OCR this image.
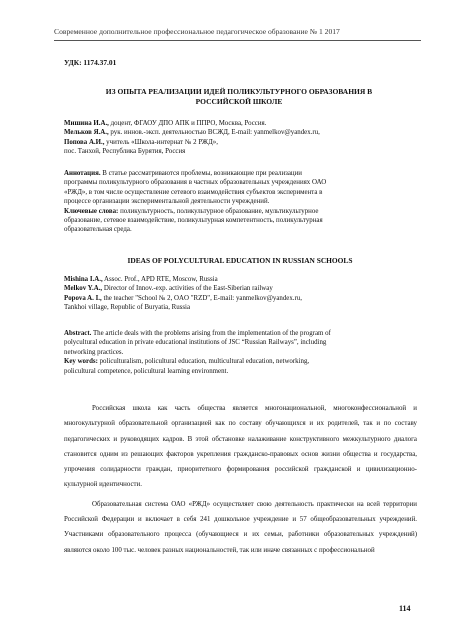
Современное дополнительное профессиональное педагогическое образование № 1 2017
УДК: 1174.37.01
ИЗ ОПЫТА РЕАЛИЗАЦИИ ИДЕЙ ПОЛИКУЛЬТУРНОГО ОБРАЗОВАНИЯ В
РОССИЙСКОЙ ШКОЛЕ
Мишина И.А., доцент, ФГАОУ ДПО АПК и ППРО, Москва, Россия.
Мельков Я.А., рук. иннов.-эксп. деятельностью ВСЖД, E-mail: yanmelkov@yandex.ru,
Попова А.И., учитель «Школа-интернат № 2 РЖД»,
пос. Танхой, Республика Бурятия, Россия
Аннотация. В статье рассматриваются проблемы, возникающие при реализации
программы поликультурного образования в частных образовательных учреждениях ОАО
«РЖД», в том числе осуществление сетевого взаимодействия субъектов эксперимента в
процессе организации экспериментальной деятельности учреждений.
Ключевые слова: поликультурность, поликультурное образование, мультикультурное
образование, сетевое взаимодействие, поликультурная компетентность, поликультурная
образовательная среда.
IDEAS OF POLYCULTURAL EDUCATION IN RUSSIAN SCHOOLS
Mishina I.A., Assoc. Prof., APD RTE, Moscow, Russia
Melkov Y.A., Director of Innov.-exp. activities of the East-Siberian railway
Popova A. I., the teacher "School № 2, OAO "RZD", E-mail: yanmelkov@yandex.ru,
Tankhoi village, Republic of Buryatia, Russia
Abstract. The article deals with the problems arising from the implementation of the program of
polycultural education in private educational institutions of JSC “Russian Railways”, including
networking practices.
Key words: policulturalism, policultural education, multicultural education, networking,
policultural competence, policultural learning environment.

Российская школа как часть общества является многонациональной, многоконфессиональной и многокультурной образовательной организацией как по составу обучающихся и их родителей, так и по составу педагогических и руководящих кадров. В этой обстановке налаживание конструктивного межкультурного диалога становится одним из решающих факторов укрепления гражданско-правовых основ жизни общества и государства, упрочения солидарности граждан, приоритетного формирования российской гражданской и цивилизационно-культурной идентичности.

Образовательная система ОАО «РЖД» осуществляет свою деятельность практически на всей территории Российской Федерации и включает в себя 241 дошкольное учреждение и 57 общеобразовательных учреждений. Участниками образовательного процесса (обучающиеся и их семьи, работники образовательных учреждений) являются около 100 тыс. человек разных национальностей, так или иначе связанных с профессиональной

114
